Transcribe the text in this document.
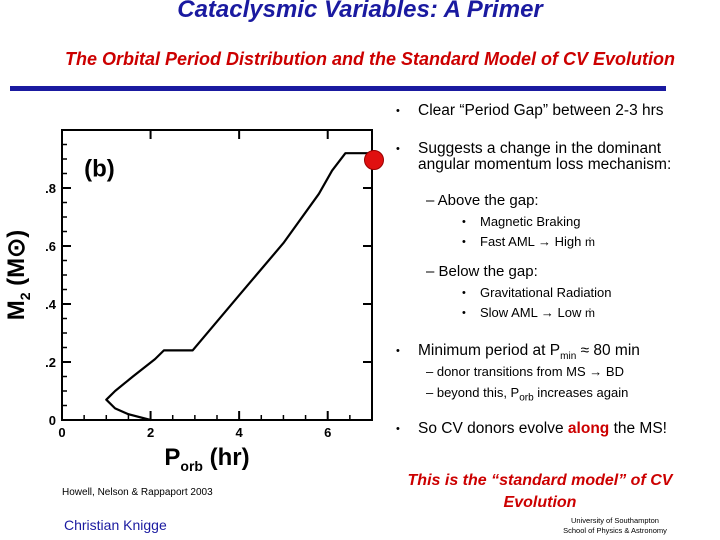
Cataclysmic Variables: A Primer
The Orbital Period Distribution and the Standard Model of CV Evolution
0	2	4	6
0
.2
.4
.6
.8
(b)
$P_{orb}$ (hr)
$M_2$ (M⊙)
• Clear “Period Gap” between 2-3 hrs
• Suggests a change in the dominant angular momentum loss mechanism:
– Above the gap:
• Magnetic Braking
• Fast AML → High ṁ
– Below the gap:
• Gravitational Radiation
• Slow AML → Low ṁ
• Minimum period at $P_{min} \approx 80$ min
– donor transitions from MS → BD
– beyond this, $P_{orb}$ increases again
• So CV donors evolve along the MS!
Howell, Nelson & Rappaport 2003
Christian Knigge
This is the “standard model” of CV Evolution
University of Southampton
School of Physics & Astronomy
